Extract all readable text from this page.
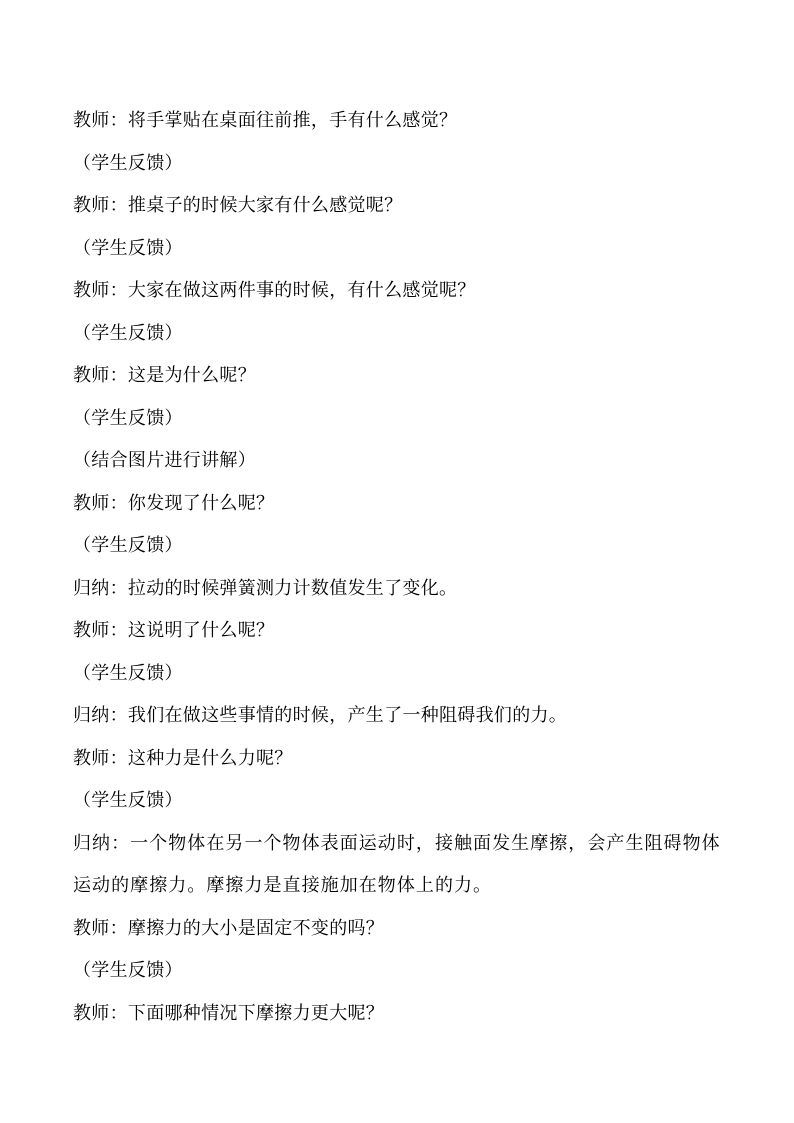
教师：将手掌贴在桌面往前推，手有什么感觉？
（学生反馈）
教师：推桌子的时候大家有什么感觉呢？
（学生反馈）
教师：大家在做这两件事的时候，有什么感觉呢？
（学生反馈）
教师：这是为什么呢？
（学生反馈）
（结合图片进行讲解）
教师：你发现了什么呢？
（学生反馈）
归纳：拉动的时候弹簧测力计数值发生了变化。
教师：这说明了什么呢？
（学生反馈）
归纳：我们在做这些事情的时候，产生了一种阻碍我们的力。
教师：这种力是什么力呢？
（学生反馈）
归纳：一个物体在另一个物体表面运动时，接触面发生摩擦，会产生阻碍物体运动的摩擦力。摩擦力是直接施加在物体上的力。
教师：摩擦力的大小是固定不变的吗？
（学生反馈）
教师：下面哪种情况下摩擦力更大呢？
